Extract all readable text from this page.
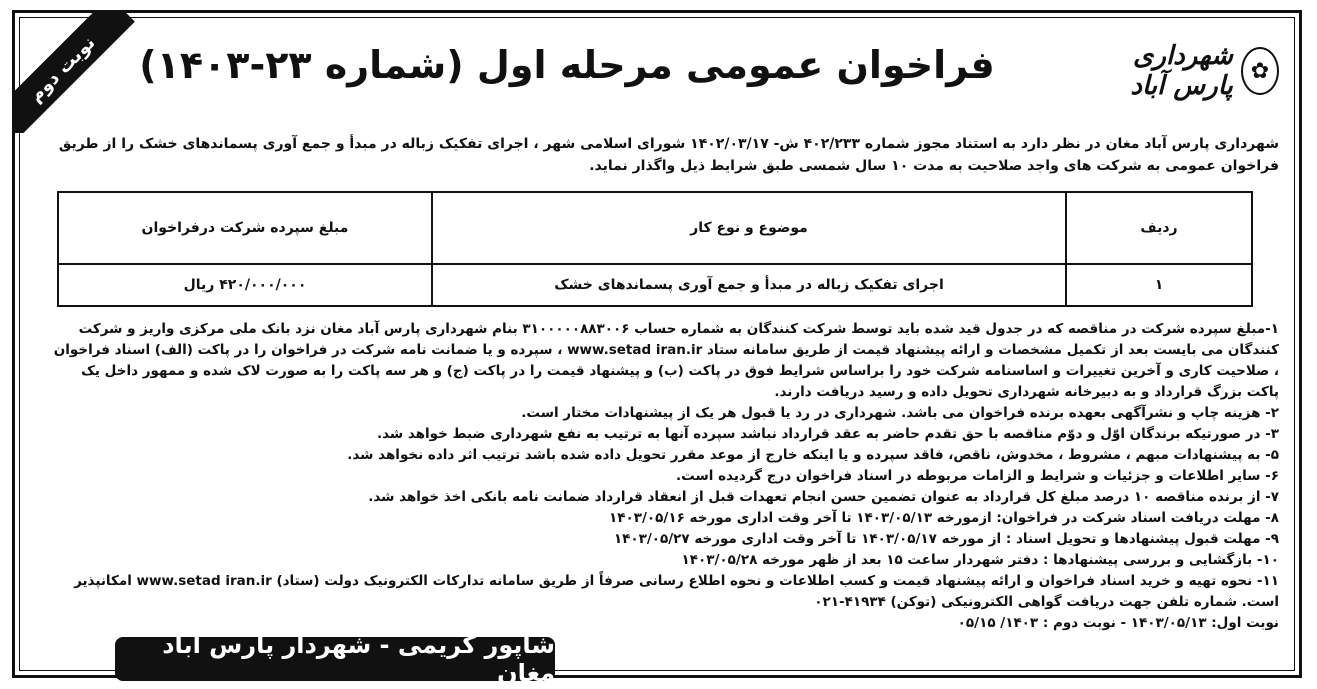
نوبت دوم	فراخوان عمومی مرحله اول (شماره ۲۳-۱۴۰۳)	✿
شهرداری پارس آباد
شهرداری پارس آباد مغان در نظر دارد به استناد مجوز شماره ۴۰۲/۲۳۳ ش- ۱۴۰۲/۰۳/۱۷ شورای اسلامی شهر ، اجرای تفکیک زباله در مبدأ و جمع آوری پسماندهای خشک را از طریق فراخوان عمومی به شرکت های واجد صلاحیت به مدت ۱۰ سال شمسی طبق شرایط ذیل واگذار نماید.
ردیف	موضوع و نوع کار	مبلغ سپرده شرکت درفراخوان
۱	اجرای تفکیک زباله در مبدأ و جمع آوری پسماندهای خشک	۴۲۰/۰۰۰/۰۰۰ ریال

۱-مبلغ سپرده شرکت در مناقصه که در جدول قید شده باید توسط شرکت کنندگان به شماره حساب ۳۱۰۰۰۰۰۸۸۳۰۰۶ بنام شهرداری پارس آباد مغان نزد بانک ملی مرکزی واریز و شرکت کنندگان می بایست بعد از تکمیل مشخصات و ارائه پیشنهاد قیمت از طریق سامانه ستاد www.setad iran.ir ، سپرده و یا ضمانت نامه شرکت در فراخوان را در پاکت (الف) اسناد فراخوان ، صلاحیت کاری و آخرین تغییرات و اساسنامه شرکت خود را براساس شرایط فوق در پاکت (ب) و پیشنهاد قیمت را در پاکت (ج) و هر سه پاکت را به صورت لاک شده و ممهور داخل یک پاکت بزرگ قرارداد و به دبیرخانه شهرداری تحویل داده و رسید دریافت دارند.

۲- هزینه چاپ و نشرآگهی بعهده برنده فراخوان می باشد. شهرداری در رد یا قبول هر یک از پیشنهادات مختار است.

۳- در صورتیکه برندگان اوّل و دوّم مناقصه با حق تقدم حاضر به عقد قرارداد نباشد سپرده آنها به ترتیب به نفع شهرداری ضبط خواهد شد.

۵- به پیشنهادات مبهم ، مشروط ، مخدوش، ناقص، فاقد سپرده و یا اینکه خارج از موعد مقرر تحویل داده شده باشد ترتیب اثر داده نخواهد شد.

۶- سایر اطلاعات و جزئیات و شرایط و الزامات مربوطه در اسناد فراخوان درج گردیده است.

۷- از برنده مناقصه ۱۰ درصد مبلغ کل قرارداد به عنوان تضمین حسن انجام تعهدات قبل از انعقاد قرارداد ضمانت نامه بانکی اخذ خواهد شد.

۸- مهلت دریافت اسناد شرکت در فراخوان: ازمورخه ۱۴۰۳/۰۵/۱۳ تا آخر وقت اداری مورخه ۱۴۰۳/۰۵/۱۶

۹- مهلت قبول پیشنهادها و تحویل اسناد : از مورخه ۱۴۰۳/۰۵/۱۷ تا آخر وقت اداری مورخه ۱۴۰۳/۰۵/۲۷

۱۰- بازگشایی و بررسی پیشنهادها : دفتر شهردار ساعت ۱۵ بعد از ظهر مورخه ۱۴۰۳/۰۵/۲۸

۱۱- نحوه تهیه و خرید اسناد فراخوان و ارائه پیشنهاد قیمت و کسب اطلاعات و نحوه اطلاع رسانی صرفاً از طریق سامانه تدارکات الکترونیک دولت (ستاد) www.setad iran.ir امکانپذیر است. شماره تلفن جهت دریافت گواهی الکترونیکی (توکن) ۴۱۹۳۴-۰۲۱

نوبت اول: ۱۴۰۳/۰۵/۱۳ - نوبت دوم : ۱۴۰۳/ ۰۵/۱۵

شاپور کریمی - شهردار پارس آباد مغان
